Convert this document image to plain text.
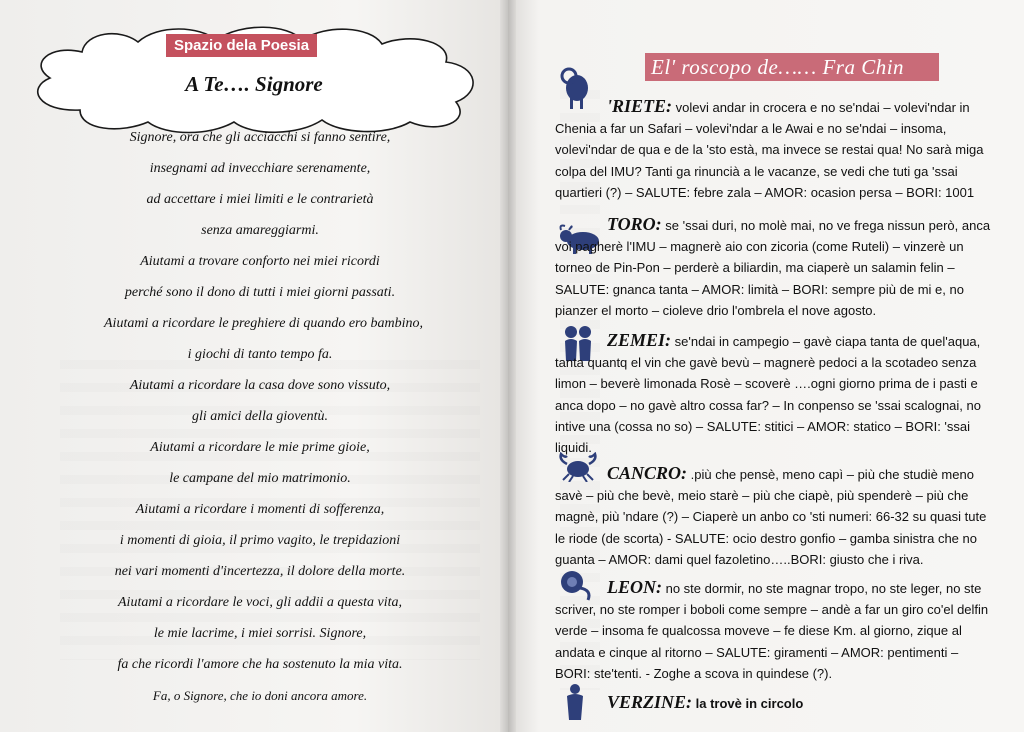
Spazio dela Poesia
A Te…. Signore
Signore, ora che gli acciacchi si fanno sentire,
insegnami ad invecchiare serenamente,
ad accettare i miei limiti e le contrarietà
senza amareggiarmi.
Aiutami a trovare conforto nei miei ricordi
perché sono il dono di tutti i miei giorni passati.
Aiutami a ricordare le preghiere di quando ero bambino,
i giochi di tanto tempo fa.
Aiutami a ricordare la casa dove sono vissuto,
gli amici della gioventù.
Aiutami a ricordare le mie prime gioie,
le campane del mio matrimonio.
Aiutami a ricordare i momenti di sofferenza,
i momenti di gioia, il primo vagito, le trepidazioni
nei vari momenti d'incertezza, il dolore della morte.
Aiutami a ricordare le voci, gli addii a questa vita,
le mie lacrime, i miei sorrisi. Signore,
fa che ricordi l'amore che ha sostenuto la mia vita.
Fa, o Signore, che io doni ancora amore.
El' roscopo de…… Fra Chin

'RIETE: volevi andar in crocera e no se'ndai – volevi'ndar in Chenia a far un Safari – volevi'ndar a le Awai e no se'ndai – insoma, volevi'ndar de qua e de la 'sto està, ma invece se restai qua! No sarà miga colpa del IMU? Tanti ga rinuncià a le vacanze, se vedi che tuti ga 'ssai quartieri (?) – SALUTE: febre zala – AMOR: ocasion persa – BORI: 1001

TORO: se 'ssai duri, no molè mai, no ve frega nissun però, anca voi pagherè l'IMU – magnerè aio con zicoria (come Ruteli) – vinzerè un torneo de Pin-Pon – perderè a biliardin, ma ciaperè un salamin felin – SALUTE: gnanca tanta – AMOR: limità – BORI: sempre più de mi e, no pianzer el morto – cioleve drio l'ombrela el nove agosto.

ZEMEI: se'ndai in campegio – gavè ciapa tanta de quel'aqua, tanta quantq el vin che gavè bevù – magnerè pedoci a la scotadeo senza limon – beverè limonada Rosè – scoverè ….ogni giorno prima de i pasti e anca dopo – no gavè altro cossa far? – In conpenso se 'ssai scalognai, no intive una (cossa no so) – SALUTE: stitici – AMOR: statico – BORI: 'ssai liquidi.

CANCRO: .più che pensè, meno capì – più che studiè meno savè – più che bevè, meio starè – più che ciapè, più spenderè – più che magnè, più 'ndare (?) – Ciaperè un anbo co 'sti numeri: 66-32 su quasi tute le riode (de scorta) - SALUTE: ocio destro gonfio – gamba sinistra che no guanta – AMOR: dami quel fazoletino…..BORI: giusto che i riva.

LEON: no ste dormir, no ste magnar tropo, no ste leger, no ste scriver, no ste romper i boboli come sempre – andè a far un giro co'el delfin verde – insoma fe qualcossa moveve – fe diese Km. al giorno, zique al andata e cinque al ritorno – SALUTE: giramenti – AMOR: pentimenti – BORI: ste'tenti. - Zoghe a scova in quindese (?).

VERZINE: la trovè in circolo
